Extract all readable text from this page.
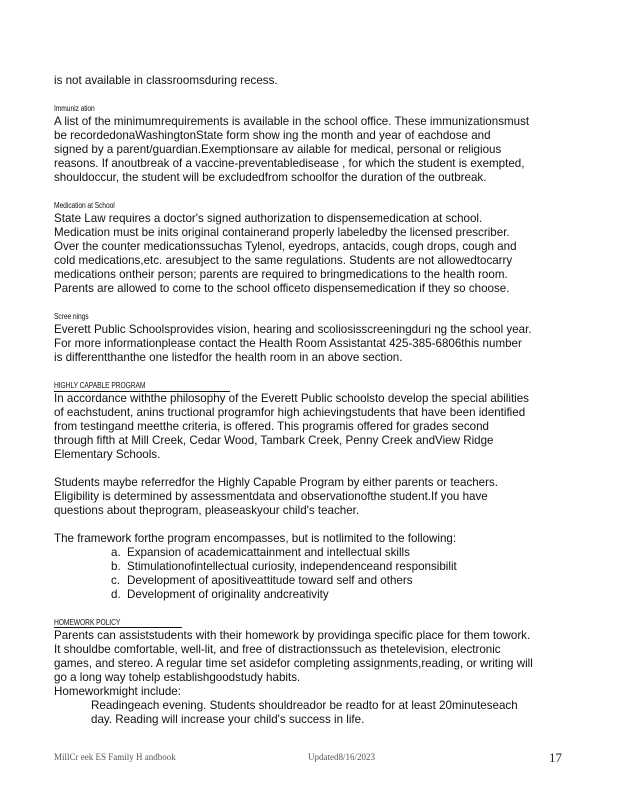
is not available in classroomsduring recess.
Immuniz ation
A list of the minimumrequirements is available in the school office. These immunizationsmust
be recordedonaWashingtonState form show ing the month and year of eachdose and
signed by a parent/guardian.Exemptionsare av ailable for medical, personal or religious
reasons. If anoutbreak of a vaccine-preventabledisease , for which the student is exempted,
shouldoccur, the student will be excludedfrom schoolfor the duration of the outbreak.
Medication at School
State Law requires a doctor's signed authorization to dispensemedication at school.
Medication must be inits original containerand properly labeledby the licensed prescriber.
Over the counter medicationssuchas Tylenol, eyedrops, antacids, cough drops, cough and
cold medications,etc. aresubject to the same regulations. Students are not allowedtocarry
medications ontheir person; parents are required to bringmedications to the health room.
Parents are allowed to come to the school officeto dispensemedication if they so choose.
Scree nings
Everett Public Schoolsprovides vision, hearing and scoliosisscreeningduri ng the school year.
For more informationplease contact the Health Room Assistantat 425-385-6806this number
is differentthanthe one listedfor the health room in an above section.
HIGHLY CAPABLE PROGRAM
In accordance withthe philosophy of the Everett Public schoolsto develop the special abilities
of eachstudent, anins tructional programfor high achievingstudents that have been identified
from testingand meetthe criteria, is offered. This programis offered for grades second
through fifth at Mill Creek, Cedar Wood, Tambark Creek, Penny Creek andView Ridge
Elementary Schools.
Students maybe referredfor the Highly Capable Program by either parents or teachers.
Eligibility is determined by assessmentdata and observationofthe student.If you have
questions about theprogram, pleaseaskyour child's teacher.
The framework forthe program encompasses, but is notlimited to the following:
a. Expansion of academicattainment and intellectual skills
b. Stimulationofintellectual curiosity, independenceand responsibilit
c. Development of apositiveattitude toward self and others
d. Development of originality andcreativity
HOMEWORK POLICY
Parents can assiststudents with their homework by providinga specific place for them towork.
It shouldbe comfortable, well-lit, and free of distractionssuch as thetelevision, electronic
games, and stereo. A regular time set asidefor completing assignments,reading, or writing will
go a long way tohelp establishgoodstudy habits.
Homeworkmight include:
Readingeach evening. Students shouldreador be readto for at least 20minuteseach
day. Reading will increase your child's success in life.
MillCr eek ES Family H andbook	Updated8/16/2023	17
